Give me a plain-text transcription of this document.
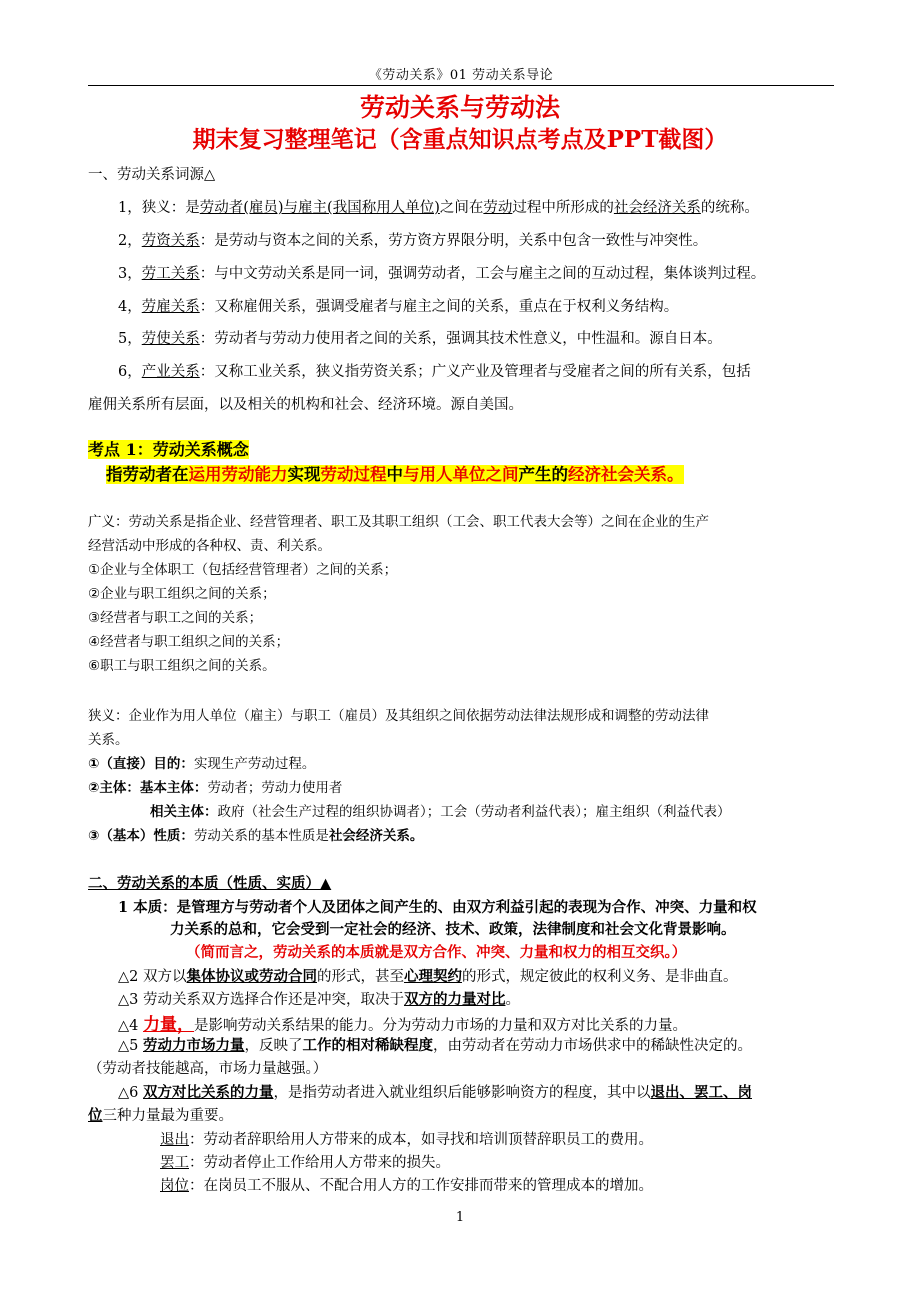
《劳动关系》01 劳动关系导论
劳动关系与劳动法
期末复习整理笔记（含重点知识点考点及PPT截图）
一、劳动关系词源△
1，狭义：是劳动者(雇员)与雇主(我国称用人单位)之间在劳动过程中所形成的社会经济关系的统称。
2，劳资关系：是劳动与资本之间的关系，劳方资方界限分明，关系中包含一致性与冲突性。
3，劳工关系：与中文劳动关系是同一词，强调劳动者，工会与雇主之间的互动过程，集体谈判过程。
4，劳雇关系：又称雇佣关系，强调受雇者与雇主之间的关系，重点在于权利义务结构。
5，劳使关系：劳动者与劳动力使用者之间的关系，强调其技术性意义，中性温和。源自日本。
6，产业关系：又称工业关系，狭义指劳资关系；广义产业及管理者与受雇者之间的所有关系，包括
雇佣关系所有层面，以及相关的机构和社会、经济环境。源自美国。
考点 1：劳动关系概念
指劳动者在运用劳动能力实现劳动过程中与用人单位之间产生的经济社会关系。
广义：劳动关系是指企业、经营管理者、职工及其职工组织（工会、职工代表大会等）之间在企业的生产
经营活动中形成的各种权、责、利关系。
①企业与全体职工（包括经营管理者）之间的关系；
②企业与职工组织之间的关系；
③经营者与职工之间的关系；
④经营者与职工组织之间的关系；
⑥职工与职工组织之间的关系。
狭义：企业作为用人单位（雇主）与职工（雇员）及其组织之间依据劳动法律法规形成和调整的劳动法律
关系。
①（直接）目的：实现生产劳动过程。
②主体：基本主体：劳动者；劳动力使用者
相关主体：政府（社会生产过程的组织协调者）；工会（劳动者利益代表）；雇主组织（利益代表）
③（基本）性质：劳动关系的基本性质是社会经济关系。
二、劳动关系的本质（性质、实质）▲
1 本质：是管理方与劳动者个人及团体之间产生的、由双方利益引起的表现为合作、冲突、力量和权
力关系的总和，它会受到一定社会的经济、技术、政策，法律制度和社会文化背景影响。
（简而言之，劳动关系的本质就是双方合作、冲突、力量和权力的相互交织。）
△2 双方以集体协议或劳动合同的形式，甚至心理契约的形式，规定彼此的权利义务、是非曲直。
△3 劳动关系双方选择合作还是冲突，取决于双方的力量对比。
△4 力量，是影响劳动关系结果的能力。分为劳动力市场的力量和双方对比关系的力量。
△5 劳动力市场力量，反映了工作的相对稀缺程度，由劳动者在劳动力市场供求中的稀缺性决定的。
（劳动者技能越高，市场力量越强。）
△6 双方对比关系的力量，是指劳动者进入就业组织后能够影响资方的程度，其中以退出、罢工、岗
位三种力量最为重要。
退出：劳动者辞职给用人方带来的成本，如寻找和培训顶替辞职员工的费用。
罢工：劳动者停止工作给用人方带来的损失。
岗位：在岗员工不服从、不配合用人方的工作安排而带来的管理成本的增加。
1
